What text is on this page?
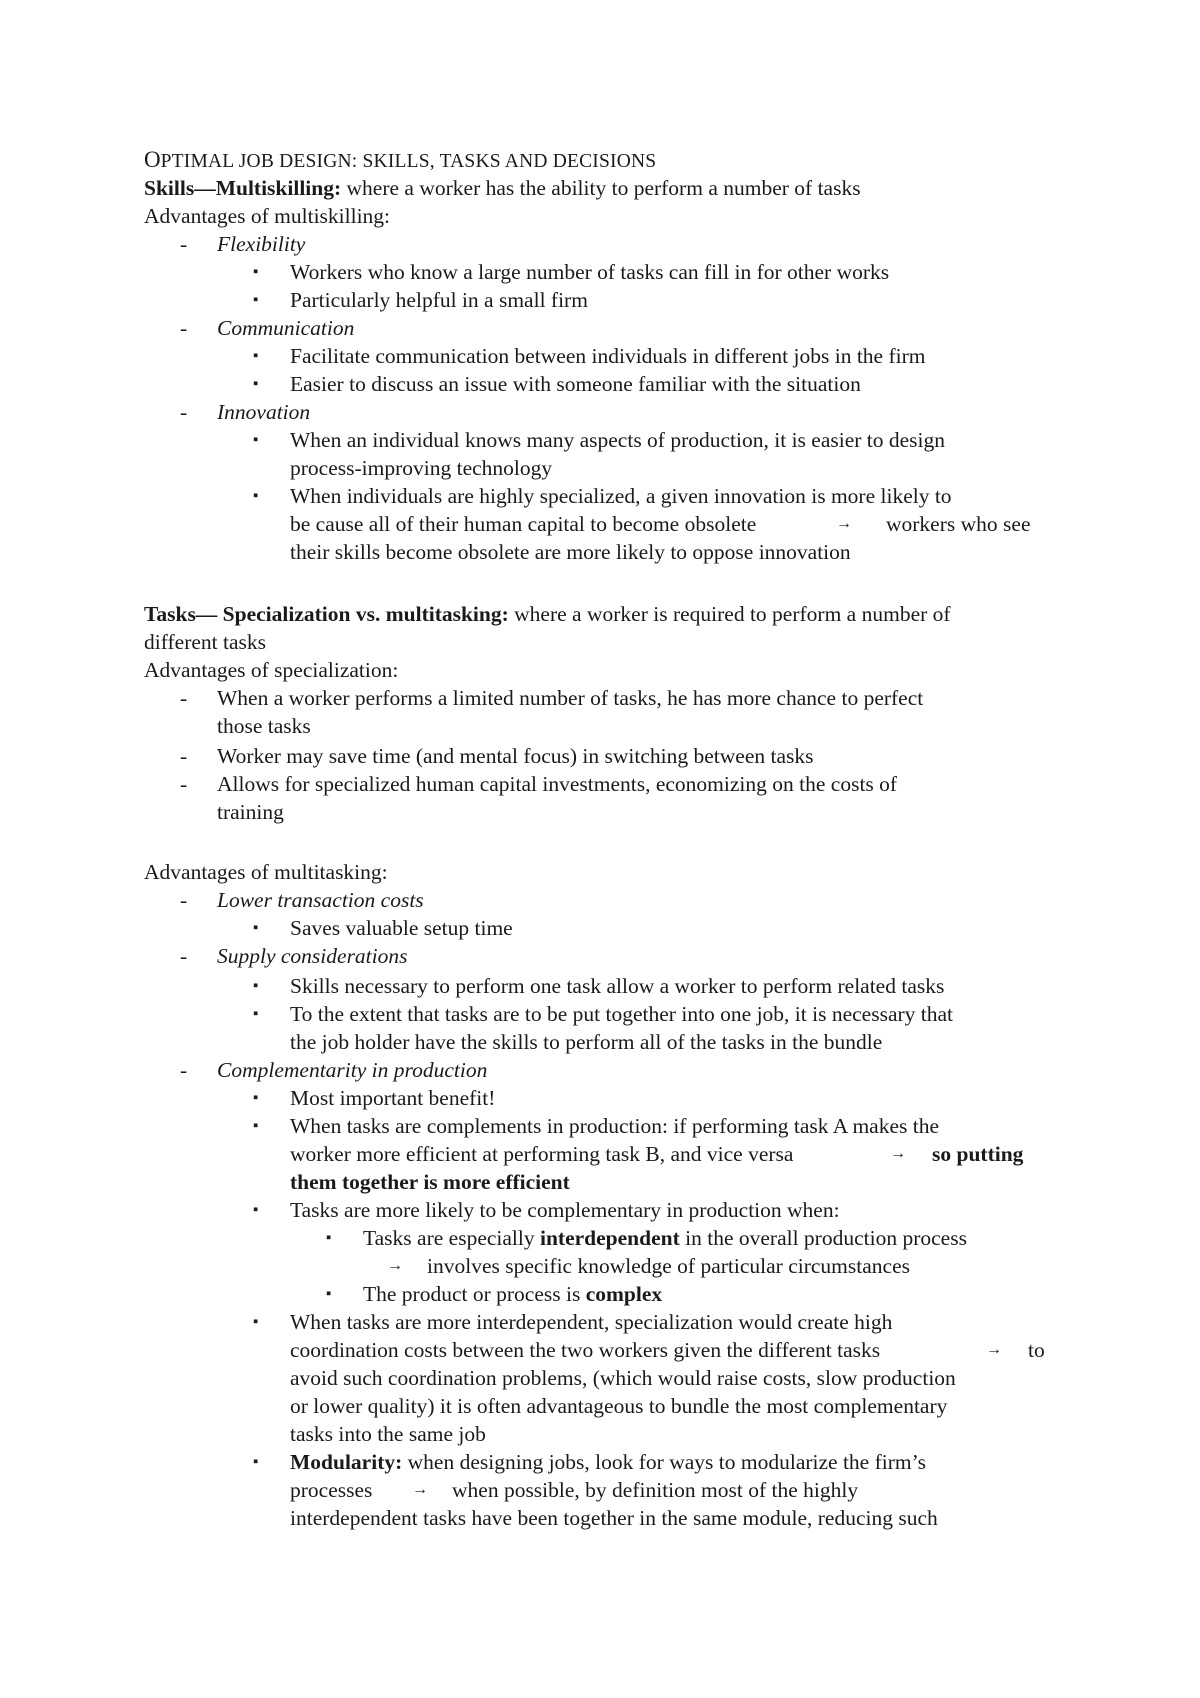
OPTIMAL JOB DESIGN: SKILLS, TASKS AND DECISIONS
Skills—Multiskilling: where a worker has the ability to perform a number of tasks
Advantages of multiskilling:
- Flexibility
▪ Workers who know a large number of tasks can fill in for other works
▪ Particularly helpful in a small firm
- Communication
▪ Facilitate communication between individuals in different jobs in the firm
▪ Easier to discuss an issue with someone familiar with the situation
- Innovation
▪ When an individual knows many aspects of production, it is easier to design
process-improving technology
▪ When individuals are highly specialized, a given innovation is more likely to
be cause all of their human capital to become obsolete	→ workers who see
their skills become obsolete are more likely to oppose innovation
Tasks— Specialization vs. multitasking: where a worker is required to perform a number of
different tasks
Advantages of specialization:
- When a worker performs a limited number of tasks, he has more chance to perfect
those tasks
- Worker may save time (and mental focus) in switching between tasks
- Allows for specialized human capital investments, economizing on the costs of
training
Advantages of multitasking:
- Lower transaction costs
▪ Saves valuable setup time
- Supply considerations
▪ Skills necessary to perform one task allow a worker to perform related tasks
▪ To the extent that tasks are to be put together into one job, it is necessary that
the job holder have the skills to perform all of the tasks in the bundle
- Complementarity in production
▪ Most important benefit!
▪ When tasks are complements in production: if performing task A makes the
worker more efficient at performing task B, and vice versa	→ so putting
them together is more efficient
▪ Tasks are more likely to be complementary in production when:
▪ Tasks are especially interdependent in the overall production process
→ involves specific knowledge of particular circumstances
▪ The product or process is complex
▪ When tasks are more interdependent, specialization would create high
coordination costs between the two workers given the different tasks	→ to
avoid such coordination problems, (which would raise costs, slow production
or lower quality) it is often advantageous to bundle the most complementary
tasks into the same job
▪ Modularity: when designing jobs, look for ways to modularize the firm’s
processes → when possible, by definition most of the highly
interdependent tasks have been together in the same module, reducing such
